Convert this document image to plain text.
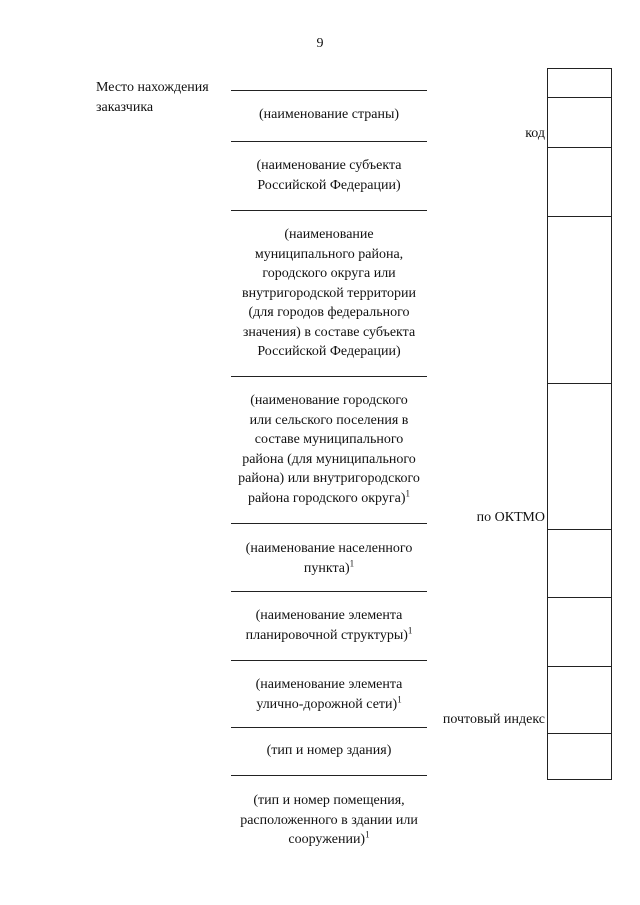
9
Место нахождения
заказчика	(наименование страны)
(наименование субъекта
Российской Федерации)
(наименование
муниципального района,
городского округа или
внутригородской территории
(для городов федерального
значения) в составе субъекта
Российской Федерации)
(наименование городского
или сельского поселения в
составе муниципального
района (для муниципального
района) или внутригородского
района городского округа)$^1$
(наименование населенного
пункта)$^1$
(наименование элемента
планировочной структуры)$^1$
(наименование элемента
улично-дорожной сети)$^1$
(тип и номер здания)
(тип и номер помещения,
расположенного в здании или
сооружении)$^1$
код
по ОКТМО
почтовый индекс
